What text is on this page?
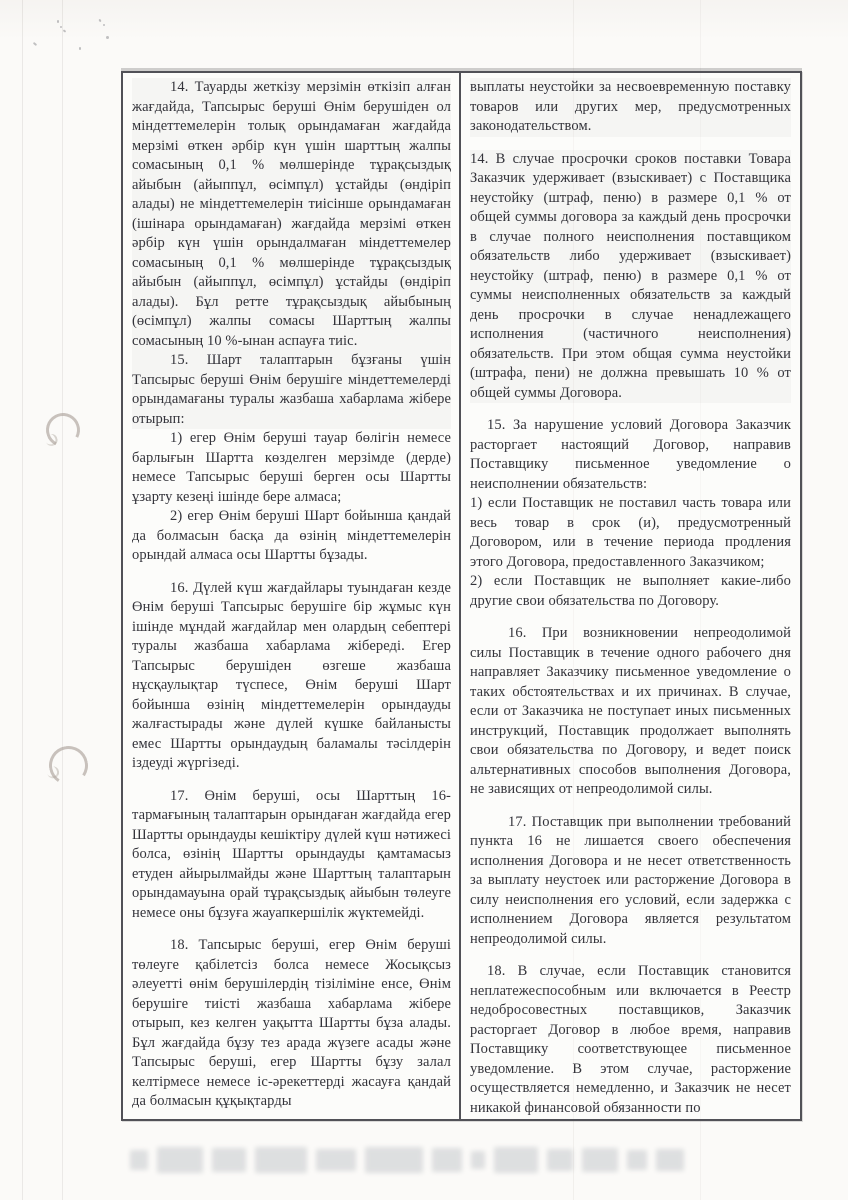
14. Тауарды жеткізу мерзімін өткізіп алған жағдайда, Тапсырыс беруші Өнім берушіден ол міндеттемелерін толық орындамаған жағдайда мерзімі өткен әрбір күн үшін шарттың жалпы сомасының 0,1 % мөлшерінде тұрақсыздық айыбын (айыппұл, өсімпұл) ұстайды (өндіріп алады) не міндеттемелерін тиісінше орындамаған (ішінара орындамаған) жағдайда мерзімі өткен әрбір күн үшін орындалмаған міндеттемелер сомасының 0,1 % мөлшерінде тұрақсыздық айыбын (айыппұл, өсімпұл) ұстайды (өндіріп алады). Бұл ретте тұрақсыздық айыбының (өсімпұл) жалпы сомасы Шарттың жалпы сомасының 10 %-ынан аспауға тиіс.

15. Шарт талаптарын бұзғаны үшін Тапсырыс беруші Өнім берушіге міндеттемелерді орындамағаны туралы жазбаша хабарлама жібере отырып:

1) егер Өнім беруші тауар бөлігін немесе барлығын Шартта көзделген мерзімде (дерде) немесе Тапсырыс беруші берген осы Шартты ұзарту кезеңі ішінде бере алмаса;

2) егер Өнім беруші Шарт бойынша қандай да болмасын басқа да өзінің міндеттемелерін орындай алмаса осы Шартты бұзады.

16. Дүлей күш жағдайлары туындаған кезде Өнім беруші Тапсырыс берушіге бір жұмыс күн ішінде мұндай жағдайлар мен олардың себептері туралы жазбаша хабарлама жібереді. Егер Тапсырыс берушіден өзгеше жазбаша нұсқаулықтар түспесе, Өнім беруші Шарт бойынша өзінің міндеттемелерін орындауды жалғастырады және дүлей күшке байланысты емес Шартты орындаудың баламалы тәсілдерін іздеуді жүргізеді.

17. Өнім беруші, осы Шарттың 16-тармағының талаптарын орындаған жағдайда егер Шартты орындауды кешіктіру дүлей күш нәтижесі болса, өзінің Шартты орындауды қамтамасыз етуден айырылмайды және Шарттың талаптарын орындамауына орай тұрақсыздық айыбын төлеуге немесе оны бұзуға жауапкершілік жүктемейді.

18. Тапсырыс беруші, егер Өнім беруші төлеуге қабілетсіз болса немесе Жосықсыз әлеуетті өнім берушілердің тізіліміне енсе, Өнім берушіге тиісті жазбаша хабарлама жібере отырып, кез келген уақытта Шартты бұза алады. Бұл жағдайда бұзу тез арада жүзеге асады және Тапсырыс беруші, егер Шартты бұзу залал келтірмесе немесе іс-әрекеттерді жасауға қандай да болмасын құқықтарды

выплаты неустойки за несвоевременную поставку товаров или других мер, предусмотренных законодательством.

14. В случае просрочки сроков поставки Товара Заказчик удерживает (взыскивает) с Поставщика неустойку (штраф, пеню) в размере 0,1 % от общей суммы договора за каждый день просрочки в случае полного неисполнения поставщиком обязательств либо удерживает (взыскивает) неустойку (штраф, пеню) в размере 0,1 % от суммы неисполненных обязательств за каждый день просрочки в случае ненадлежащего исполнения (частичного неисполнения) обязательств. При этом общая сумма неустойки (штрафа, пени) не должна превышать 10 % от общей суммы Договора.

15. За нарушение условий Договора Заказчик расторгает настоящий Договор, направив Поставщику письменное уведомление о неисполнении обязательств:

1) если Поставщик не поставил часть товара или весь товар в срок (и), предусмотренный Договором, или в течение периода продления этого Договора, предоставленного Заказчиком;

2) если Поставщик не выполняет какие-либо другие свои обязательства по Договору.

16. При возникновении непреодолимой силы Поставщик в течение одного рабочего дня направляет Заказчику письменное уведомление о таких обстоятельствах и их причинах. В случае, если от Заказчика не поступает иных письменных инструкций, Поставщик продолжает выполнять свои обязательства по Договору, и ведет поиск альтернативных способов выполнения Договора, не зависящих от непреодолимой силы.

17. Поставщик при выполнении требований пункта 16 не лишается своего обеспечения исполнения Договора и не несет ответственность за выплату неустоек или расторжение Договора в силу неисполнения его условий, если задержка с исполнением Договора является результатом непреодолимой силы.

18. В случае, если Поставщик становится неплатежеспособным или включается в Реестр недобросовестных поставщиков, Заказчик расторгает Договор в любое время, направив Поставщику соответствующее письменное уведомление. В этом случае, расторжение осуществляется немедленно, и Заказчик не несет никакой финансовой обязанности по
